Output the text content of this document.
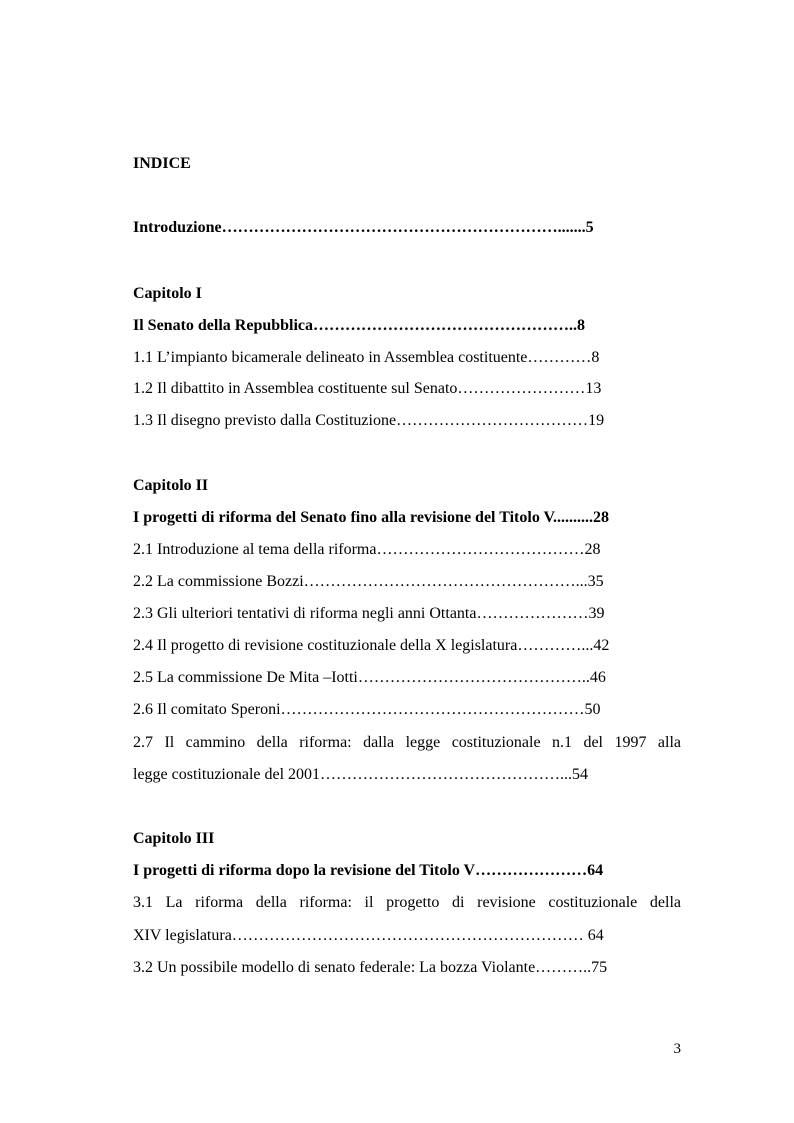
INDICE
Introduzione……………………………………………………….......5
Capitolo I
Il Senato della Repubblica…………………………………………..8
1.1 L’impianto bicamerale delineato in Assemblea costituente…………8
1.2 Il dibattito in Assemblea costituente sul Senato……………………13
1.3 Il disegno previsto dalla Costituzione………………………………19
Capitolo II
I progetti di riforma del Senato fino alla revisione del Titolo V..........28
2.1 Introduzione al tema della riforma…………………………………28
2.2 La commissione Bozzi……………………………………………...35
2.3 Gli ulteriori tentativi di riforma negli anni Ottanta…………………39
2.4 Il progetto di revisione costituzionale della X legislatura…………...42
2.5 La commissione De Mita –Iotti……………………………………..46
2.6 Il comitato Speroni…………………………………………………50
2.7 Il cammino della riforma: dalla legge costituzionale n.1 del 1997 alla
legge costituzionale del 2001………………………………………...54
Capitolo III
I progetti di riforma dopo la revisione del Titolo V…………………64
3.1 La riforma della riforma: il progetto di revisione costituzionale della
XIV legislatura………………………………………………………… 64
3.2 Un possibile modello di senato federale: La bozza Violante………..75
3
